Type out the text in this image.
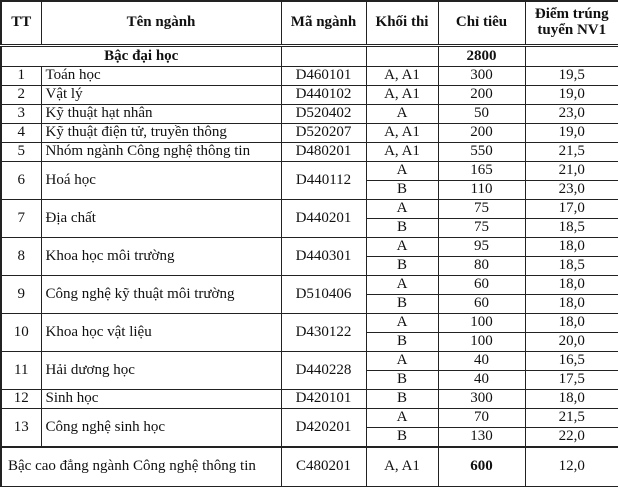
TT	Tên ngành	Mã ngành	Khối thi	Chỉ tiêu	Điểm trúng
tuyển NV1
Bậc đại học				2800	
1	Toán học	D460101	A, A1	300	19,5
2	Vật lý	D440102	A, A1	200	19,0
3	Kỹ thuật hạt nhân	D520402	A	50	23,0
4	Kỹ thuật điện tử, truyền thông	D520207	A, A1	200	19,0
5	Nhóm ngành Công nghệ thông tin	D480201	A, A1	550	21,5
6	Hoá học	D440112	A	165	21,0
			B	110	23,0
7	Địa chất	D440201	A	75	17,0
			B	75	18,5
8	Khoa học môi trường	D440301	A	95	18,0
			B	80	18,5
9	Công nghệ kỹ thuật môi trường	D510406	A	60	18,0
			B	60	18,0
10	Khoa học vật liệu	D430122	A	100	18,0
			B	100	20,0
11	Hải dương học	D440228	A	40	16,5
			B	40	17,5
12	Sinh học	D420101	B	300	18,0
13	Công nghệ sinh học	D420201	A	70	21,5
			B	130	22,0
Bậc cao đẳng ngành Công nghệ thông tin		C480201	A, A1	600	12,0
